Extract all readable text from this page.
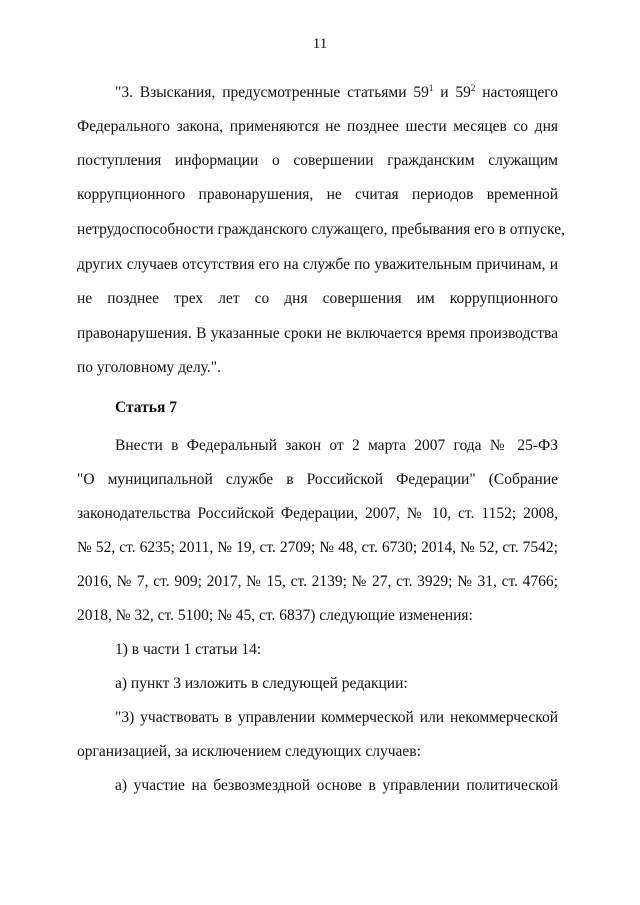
11
"3. Взыскания, предусмотренные статьями $59^1$ и $59^2$ настоящего
Федерального закона, применяются не позднее шести месяцев со дня
поступления информации о совершении гражданским служащим
коррупционного правонарушения, не считая периодов временной
нетрудоспособности гражданского служащего, пребывания его в отпуске,
других случаев отсутствия его на службе по уважительным причинам, и
не позднее трех лет со дня совершения им коррупционного
правонарушения. В указанные сроки не включается время производства
по уголовному делу.".
Статья 7
Внести в Федеральный закон от 2 марта 2007 года № 25-ФЗ
"О муниципальной службе в Российской Федерации" (Собрание
законодательства Российской Федерации, 2007, № 10, ст. 1152; 2008,
№ 52, ст. 6235; 2011, № 19, ст. 2709; № 48, ст. 6730; 2014, № 52, ст. 7542;
2016, № 7, ст. 909; 2017, № 15, ст. 2139; № 27, ст. 3929; № 31, ст. 4766;
2018, № 32, ст. 5100; № 45, ст. 6837) следующие изменения:
1) в части 1 статьи 14:
а) пункт 3 изложить в следующей редакции:
"3) участвовать в управлении коммерческой или некоммерческой
организацией, за исключением следующих случаев:
а) участие на безвозмездной основе в управлении политической
